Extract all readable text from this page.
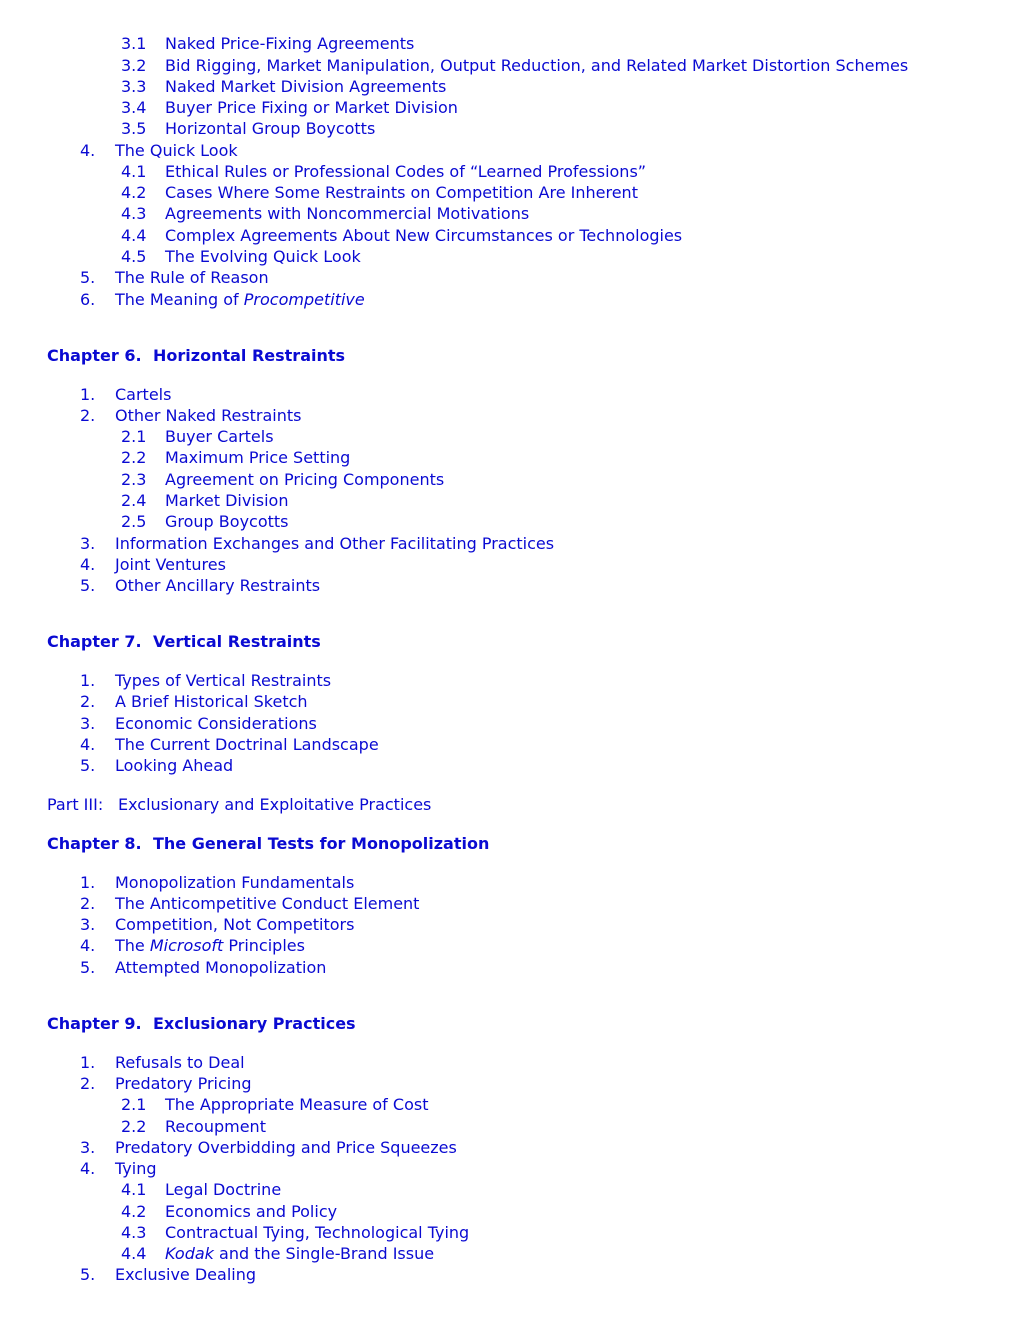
3.1 Naked Price-Fixing Agreements
3.2 Bid Rigging, Market Manipulation, Output Reduction, and Related Market Distortion Schemes
3.3 Naked Market Division Agreements
3.4 Buyer Price Fixing or Market Division
3.5 Horizontal Group Boycotts
4. The Quick Look
4.1 Ethical Rules or Professional Codes of “Learned Professions”
4.2 Cases Where Some Restraints on Competition Are Inherent
4.3 Agreements with Noncommercial Motivations
4.4 Complex Agreements About New Circumstances or Technologies
4.5 The Evolving Quick Look
5. The Rule of Reason
6. The Meaning of Procompetitive
Chapter 6. Horizontal Restraints
1. Cartels
2. Other Naked Restraints
2.1 Buyer Cartels
2.2 Maximum Price Setting
2.3 Agreement on Pricing Components
2.4 Market Division
2.5 Group Boycotts
3. Information Exchanges and Other Facilitating Practices
4. Joint Ventures
5. Other Ancillary Restraints
Chapter 7. Vertical Restraints
1. Types of Vertical Restraints
2. A Brief Historical Sketch
3. Economic Considerations
4. The Current Doctrinal Landscape
5. Looking Ahead
Part III: Exclusionary and Exploitative Practices
Chapter 8. The General Tests for Monopolization
1. Monopolization Fundamentals
2. The Anticompetitive Conduct Element
3. Competition, Not Competitors
4. The Microsoft Principles
5. Attempted Monopolization
Chapter 9. Exclusionary Practices
1. Refusals to Deal
2. Predatory Pricing
2.1 The Appropriate Measure of Cost
2.2 Recoupment
3. Predatory Overbidding and Price Squeezes
4. Tying
4.1 Legal Doctrine
4.2 Economics and Policy
4.3 Contractual Tying, Technological Tying
4.4 Kodak and the Single-Brand Issue
5. Exclusive Dealing
